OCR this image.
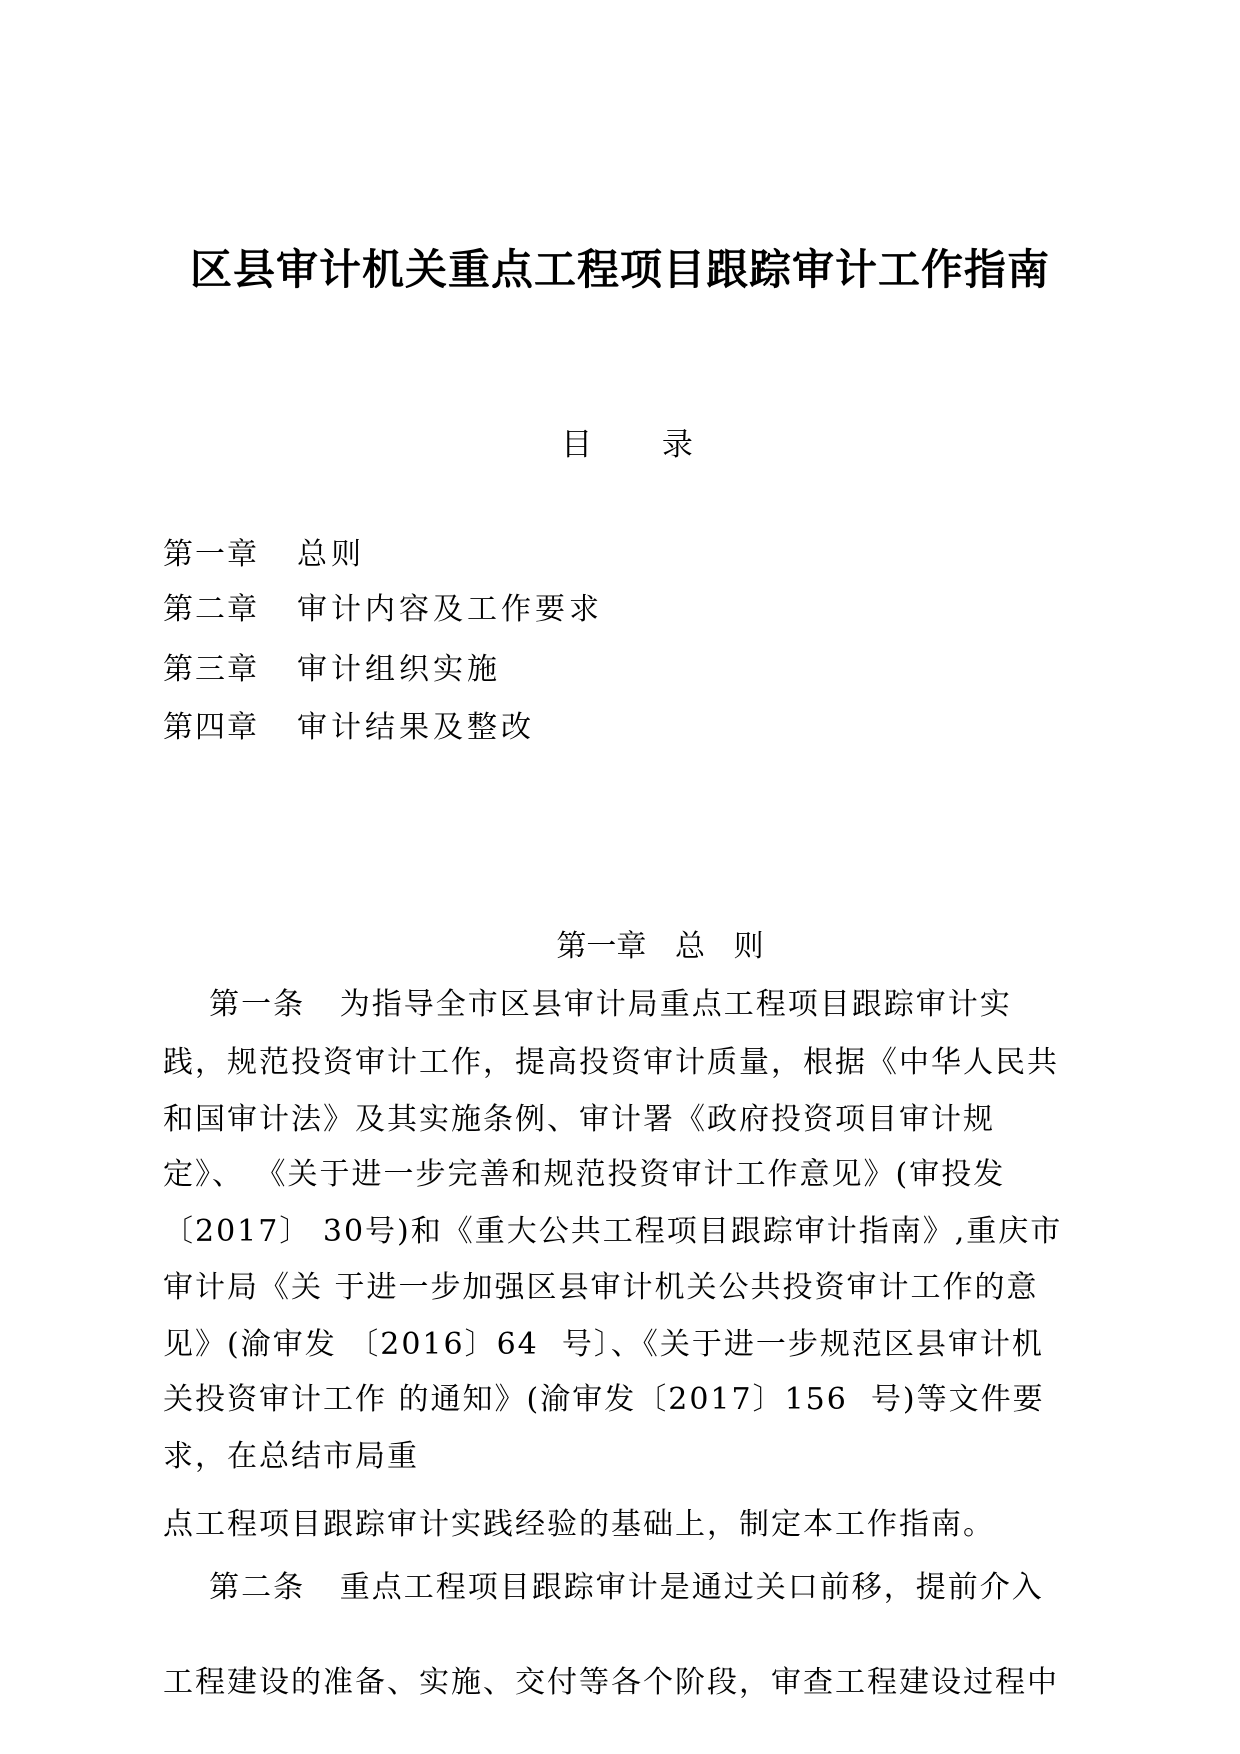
区县审计机关重点工程项目跟踪审计工作指南
目 录
第一章 总则
第二章 审计内容及工作要求
第三章 审计组织实施
第四章 审计结果及整改
第一章   总   则
第一条   为指导全市区县审计局重点工程项目跟踪审计实
践，规范投资审计工作，提高投资审计质量，根据《中华人民共
和国审计法》及其实施条例、审计署《政府投资项目审计规
定》、 《关于进一步完善和规范投资审计工作意见》(审投发
〔2017〕 30号)和《重大公共工程项目跟踪审计指南》,重庆市
审计局《关 于进一步加强区县审计机关公共投资审计工作的意
见》(渝审发 〔2016〕64  号〕、《关于进一步规范区县审计机
关投资审计工作 的通知》(渝审发〔2017〕156  号)等文件要
求，在总结市局重
点工程项目跟踪审计实践经验的基础上，制定本工作指南。
第二条   重点工程项目跟踪审计是通过关口前移，提前介入
工程建设的准备、实施、交付等各个阶段，审查工程建设过程中
